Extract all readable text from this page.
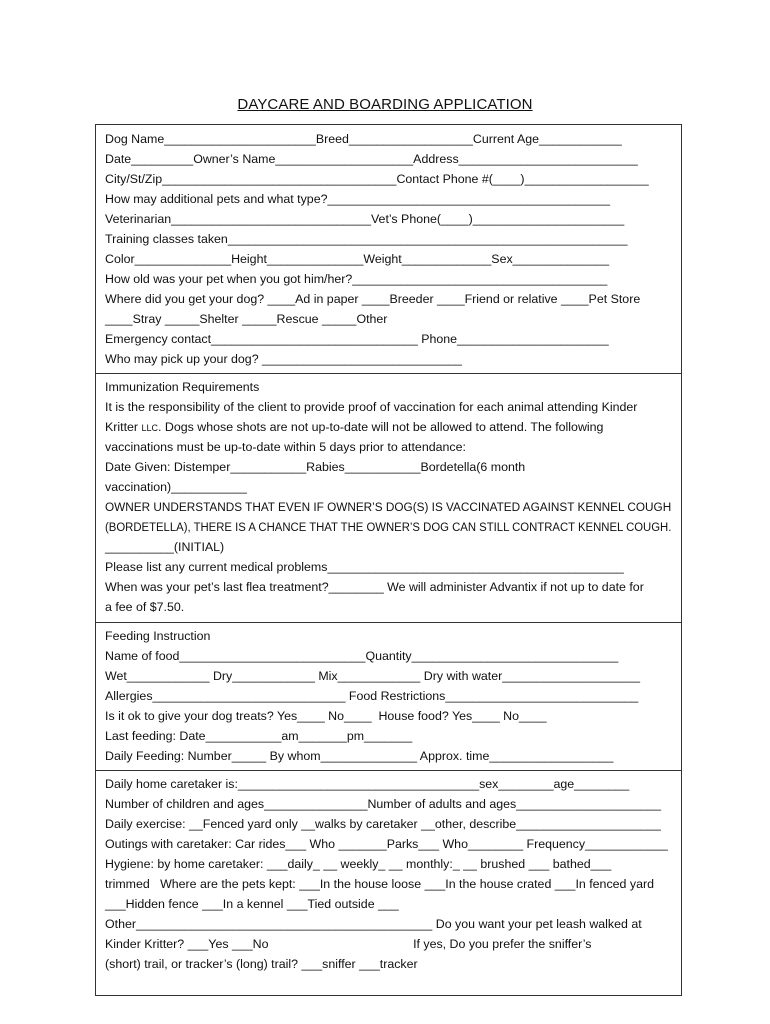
DAYCARE AND BOARDING APPLICATION
Dog Name______________________Breed__________________Current Age____________
Date_________Owner’s Name____________________Address__________________________
City/St/Zip__________________________________Contact Phone #(____)__________________
How may additional pets and what type?_________________________________________
Veterinarian_____________________________Vet’s Phone(____)______________________
Training classes taken__________________________________________________________
Color______________Height______________Weight_____________Sex______________
How old was your pet when you got him/her?_____________________________________
Where did you get your dog? ____Ad in paper ____Breeder ____Friend or relative ____Pet Store
____Stray _____Shelter _____Rescue _____Other
Emergency contact______________________________ Phone______________________
Who may pick up your dog? _____________________________
Immunization Requirements
It is the responsibility of the client to provide proof of vaccination for each animal attending Kinder
Kritter LLC. Dogs whose shots are not up-to-date will not be allowed to attend. The following
vaccinations must be up-to-date within 5 days prior to attendance:
Date Given: Distemper___________Rabies___________Bordetella(6 month
vaccination)___________
OWNER UNDERSTANDS THAT EVEN IF OWNER’S DOG(S) IS VACCINATED AGAINST KENNEL COUGH
(BORDETELLA), THERE IS A CHANCE THAT THE OWNER’S DOG CAN STILL CONTRACT KENNEL COUGH.
__________(INITIAL)
Please list any current medical problems___________________________________________
When was your pet’s last flea treatment?________ We will administer Advantix if not up to date for
a fee of $7.50.
Feeding Instruction
Name of food___________________________Quantity______________________________
Wet____________ Dry____________ Mix____________ Dry with water____________________
Allergies____________________________ Food Restrictions____________________________
Is it ok to give your dog treats? Yes____ No____  House food? Yes____ No____
Last feeding: Date___________am_______pm_______
Daily Feeding: Number_____ By whom______________ Approx. time__________________
Daily home caretaker is:___________________________________sex________age________
Number of children and ages_______________Number of adults and ages_____________________
Daily exercise: __Fenced yard only __walks by caretaker __other, describe_____________________
Outings with caretaker: Car rides___ Who _______Parks___ Who________ Frequency____________
Hygiene: by home caretaker: ___daily_ __ weekly_ __ monthly:_ __ brushed ___ bathed___
trimmed   Where are the pets kept: ___In the house loose ___In the house crated ___In fenced yard
___Hidden fence ___In a kennel ___Tied outside ___
Other___________________________________________ Do you want your pet leash walked at
Kinder Kritter? ___Yes ___No                                          If yes, Do you prefer the sniffer’s
(short) trail, or tracker’s (long) trail? ___sniffer ___tracker
